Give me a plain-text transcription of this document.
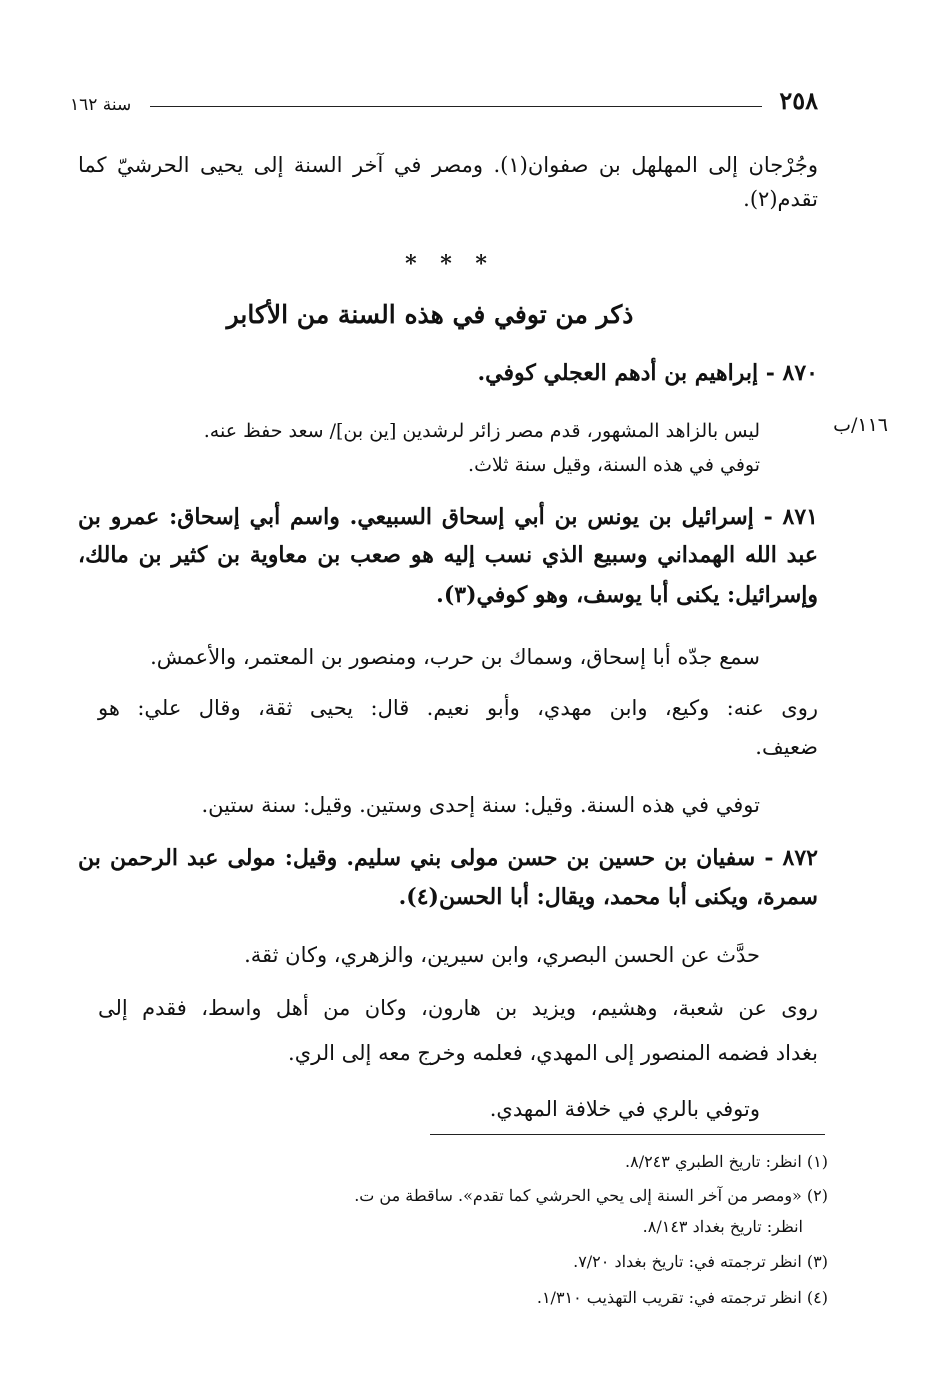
٢٥٨
سنة ١٦٢
وجُرْجان إلى المهلهل بن صفوان(١). ومصر في آخر السنة إلى يحيى الحرشيّ كما
تقدم(٢).
* * *
ذكر من توفي في هذه السنة من الأكابر
٨٧٠ - إبراهيم بن أدهم العجلي كوفي.
١١٦/ب
ليس بالزاهد المشهور، قدم مصر زائر لرشدين [ين بن]/ سعد حفظ عنه.
توفي في هذه السنة، وقيل سنة ثلاث.
٨٧١ - إسرائيل بن يونس بن أبي إسحاق السبيعي. واسم أبي إسحاق: عمرو بن
عبد الله الهمداني وسبيع الذي نسب إليه هو صعب بن معاوية بن كثير بن مالك،
وإسرائيل: يكنى أبا يوسف، وهو كوفي(٣).
سمع جدّه أبا إسحاق، وسماك بن حرب، ومنصور بن المعتمر، والأعمش.
روى عنه: وكيع، وابن مهدي، وأبو نعيم. قال: يحيى ثقة، وقال علي: هو
ضعيف.
توفي في هذه السنة. وقيل: سنة إحدى وستين. وقيل: سنة ستين.
٨٧٢ - سفيان بن حسين بن حسن مولى بني سليم. وقيل: مولى عبد الرحمن بن
سمرة، ويكنى أبا محمد، ويقال: أبا الحسن(٤).
حدَّث عن الحسن البصري، وابن سيرين، والزهري، وكان ثقة.
روى عن شعبة، وهشيم، ويزيد بن هارون، وكان من أهل واسط، فقدم إلى
بغداد فضمه المنصور إلى المهدي، فعلمه وخرج معه إلى الري.
وتوفي بالري في خلافة المهدي.
(١) انظر: تاريخ الطبري ٨/٢٤٣.
(٢) «ومصر من آخر السنة إلى يحي الحرشي كما تقدم». ساقطة من ت.
انظر: تاريخ بغداد ٨/١٤٣.
(٣) انظر ترجمته في: تاريخ بغداد ٧/٢٠.
(٤) انظر ترجمته في: تقريب التهذيب ١/٣١٠.
